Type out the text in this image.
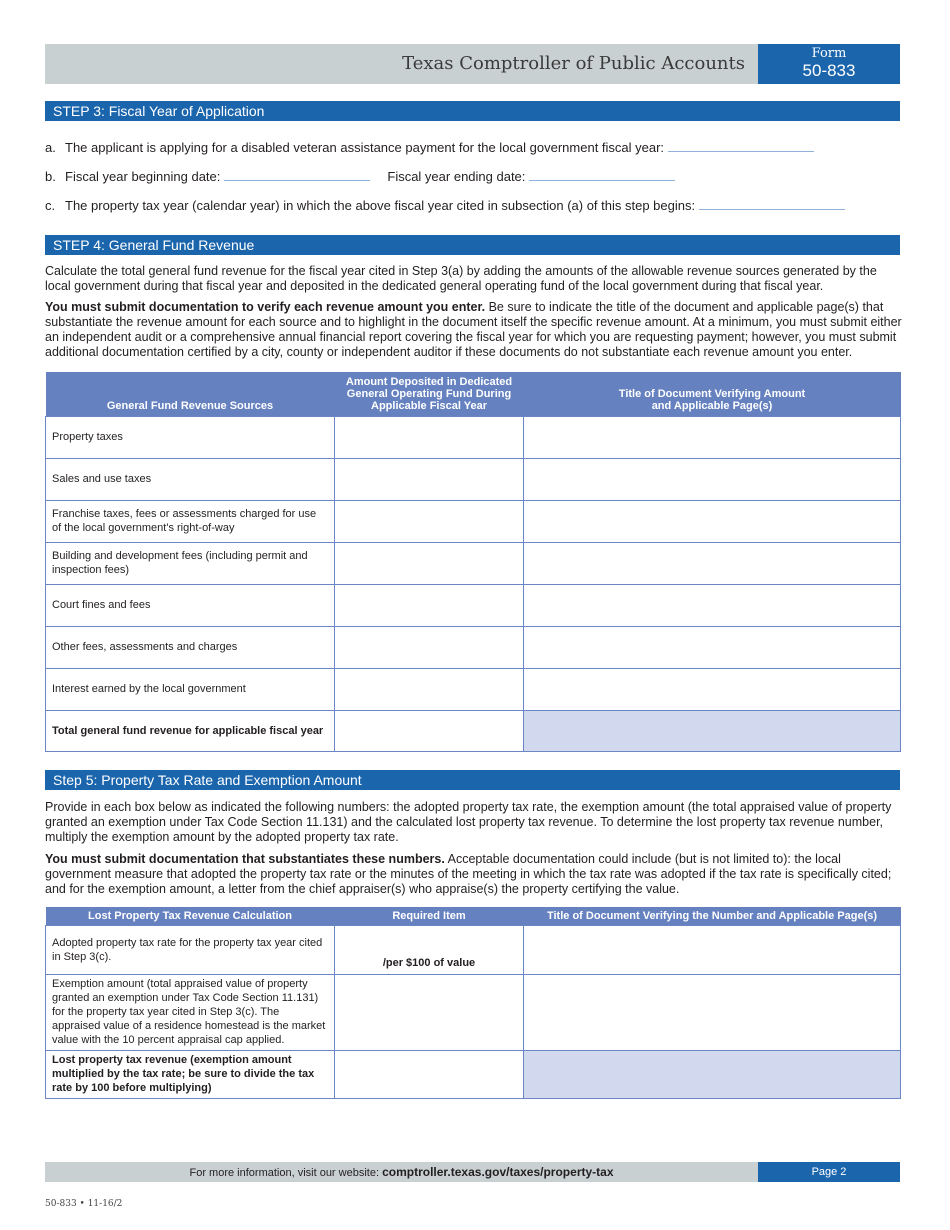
Texas Comptroller of Public Accounts	Form
50-833
STEP 3: Fiscal Year of Application
a. The applicant is applying for a disabled veteran assistance payment for the local government fiscal year:
b. Fiscal year beginning date:	Fiscal year ending date:
c. The property tax year (calendar year) in which the above fiscal year cited in subsection (a) of this step begins:
STEP 4: General Fund Revenue

Calculate the total general fund revenue for the fiscal year cited in Step 3(a) by adding the amounts of the allowable revenue sources generated by the local government during that fiscal year and deposited in the dedicated general operating fund of the local government during that fiscal year.

You must submit documentation to verify each revenue amount you enter. Be sure to indicate the title of the document and applicable page(s) that substantiate the revenue amount for each source and to highlight in the document itself the specific revenue amount. At a minimum, you must submit either an independent audit or a comprehensive annual financial report covering the fiscal year for which you are requesting payment; however, you must submit additional documentation certified by a city, county or independent auditor if these documents do not substantiate each revenue amount you enter.

General Fund Revenue Sources	Amount Deposited in Dedicated General Operating Fund During Applicable Fiscal Year	Title of Document Verifying Amount and Applicable Page(s)
Property taxes		
Sales and use taxes		
Franchise taxes, fees or assessments charged for use of the local government's right-of-way		
Building and development fees (including permit and inspection fees)		
Court fines and fees		
Other fees, assessments and charges		
Interest earned by the local government		
Total general fund revenue for applicable fiscal year		
Step 5: Property Tax Rate and Exemption Amount

Provide in each box below as indicated the following numbers: the adopted property tax rate, the exemption amount (the total appraised value of property granted an exemption under Tax Code Section 11.131) and the calculated lost property tax revenue. To determine the lost property tax revenue number, multiply the exemption amount by the adopted property tax rate.

You must submit documentation that substantiates these numbers. Acceptable documentation could include (but is not limited to): the local government measure that adopted the property tax rate or the minutes of the meeting in which the tax rate was adopted if the tax rate is specifically cited; and for the exemption amount, a letter from the chief appraiser(s) who appraise(s) the property certifying the value.

Lost Property Tax Revenue Calculation	Required Item	Title of Document Verifying the Number and Applicable Page(s)
Adopted property tax rate for the property tax year cited in Step 3(c).	/per $100 of value	
Exemption amount (total appraised value of property granted an exemption under Tax Code Section 11.131) for the property tax year cited in Step 3(c). The appraised value of a residence homestead is the market value with the 10 percent appraisal cap applied.		
Lost property tax revenue (exemption amount multiplied by the tax rate; be sure to divide the tax rate by 100 before multiplying)		
For more information, visit our website: comptroller.texas.gov/taxes/property-tax	Page 2
50-833 • 11-16/2
